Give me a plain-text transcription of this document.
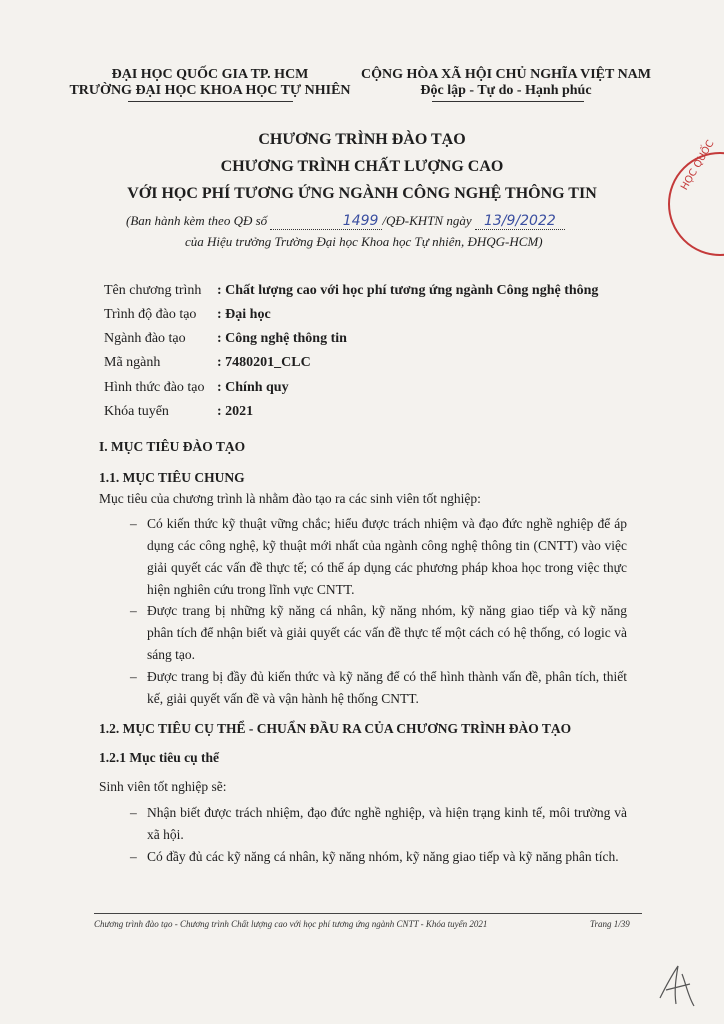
ĐẠI HỌC QUỐC GIA TP. HCM
TRƯỜNG ĐẠI HỌC KHOA HỌC TỰ NHIÊN
CỘNG HÒA XÃ HỘI CHỦ NGHĨA VIỆT NAM
Độc lập - Tự do - Hạnh phúc
CHƯƠNG TRÌNH ĐÀO TẠO
CHƯƠNG TRÌNH CHẤT LƯỢNG CAO
VỚI HỌC PHÍ TƯƠNG ỨNG NGÀNH CÔNG NGHỆ THÔNG TIN
(Ban hành kèm theo QĐ số	1499 /QĐ-KHTN ngày 13/9/2022
của Hiệu trưởng Trường Đại học Khoa học Tự nhiên, ĐHQG-HCM)
Tên chương trình : Chất lượng cao với học phí tương ứng ngành Công nghệ thông
Trình độ đào tạo : Đại học
Ngành đào tạo : Công nghệ thông tin
Mã ngành	: 7480201_CLC
Hình thức đào tạo : Chính quy
Khóa tuyển	: 2021
I. MỤC TIÊU ĐÀO TẠO
1.1. MỤC TIÊU CHUNG
Mục tiêu của chương trình là nhằm đào tạo ra các sinh viên tốt nghiệp:
– Có kiến thức kỹ thuật vững chắc; hiểu được trách nhiệm và đạo đức nghề nghiệp để áp dụng các công nghệ, kỹ thuật mới nhất của ngành công nghệ thông tin (CNTT) vào việc giải quyết các vấn đề thực tế; có thể áp dụng các phương pháp khoa học trong việc thực hiện nghiên cứu trong lĩnh vực CNTT.
– Được trang bị những kỹ năng cá nhân, kỹ năng nhóm, kỹ năng giao tiếp và kỹ năng phân tích để nhận biết và giải quyết các vấn đề thực tế một cách có hệ thống, có logic và sáng tạo.
– Được trang bị đầy đủ kiến thức và kỹ năng để có thể hình thành vấn đề, phân tích, thiết kế, giải quyết vấn đề và vận hành hệ thống CNTT.
1.2. MỤC TIÊU CỤ THỂ - CHUẨN ĐẦU RA CỦA CHƯƠNG TRÌNH ĐÀO TẠO
1.2.1 Mục tiêu cụ thể
Sinh viên tốt nghiệp sẽ:
– Nhận biết được trách nhiệm, đạo đức nghề nghiệp, và hiện trạng kinh tế, môi trường và xã hội.
– Có đầy đủ các kỹ năng cá nhân, kỹ năng nhóm, kỹ năng giao tiếp và kỹ năng phân tích.
Chương trình đào tạo - Chương trình Chất lượng cao với học phí tương ứng ngành CNTT - Khóa tuyển 2021	Trang 1/39
HỌC QUỐC
